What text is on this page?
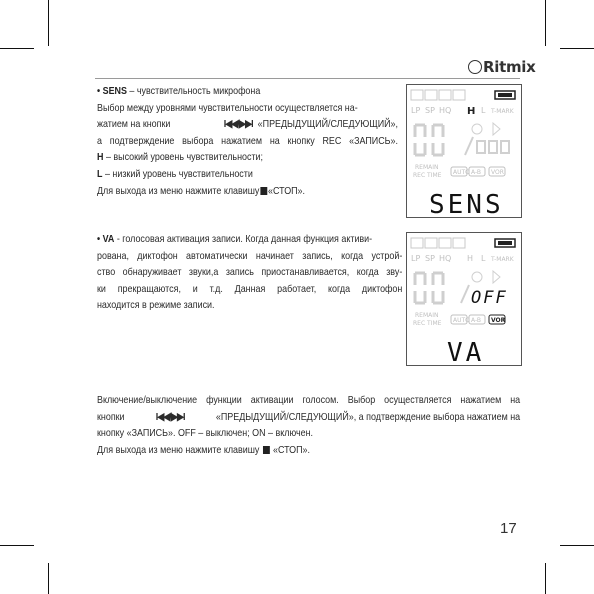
Ritmix

• SENS – чувствительность микрофона

Выбор между уровнями чувствительности осуществляется на-

жатием на кнопки	I◀◀/▶▶I «ПРЕДЫДУЩИЙ/СЛЕДУЮЩИЙ»,

а подтверждение выбора нажатием на кнопку REC «ЗАПИСЬ».

H – высокий уровень чувствительности;

L – низкий уровень чувствительности

Для выхода из меню нажмите клавишу «СТОП».

• VA - голосовая активация записи. Когда данная функция активи-

рована, диктофон автоматически начинает запись, когда устрой-

ство обнаруживает звуки,а запись приостанавливается, когда зву-

ки прекращаются, и т.д. Данная работает, когда диктофон

находится в режиме записи.

Включение/выключение функции активации голосом. Выбор осуществляется нажатием на

кнопки	I◀◀/▶▶I	«ПРЕДЫДУЩИЙ/СЛЕДУЮЩИЙ», а подтверждение выбора нажатием на

кнопку «ЗАПИСЬ». OFF – выключен; ON – включен.

Для выхода из меню нажмите клавишу «СТОП».

LP SP HQ H L T-MARK
REMAIN
REC TIME AUTO A-B VOR
SENS
LP SP HQ H L T-MARK
OFF
REMAIN
REC TIME AUTO A-B VOR
VA
17
